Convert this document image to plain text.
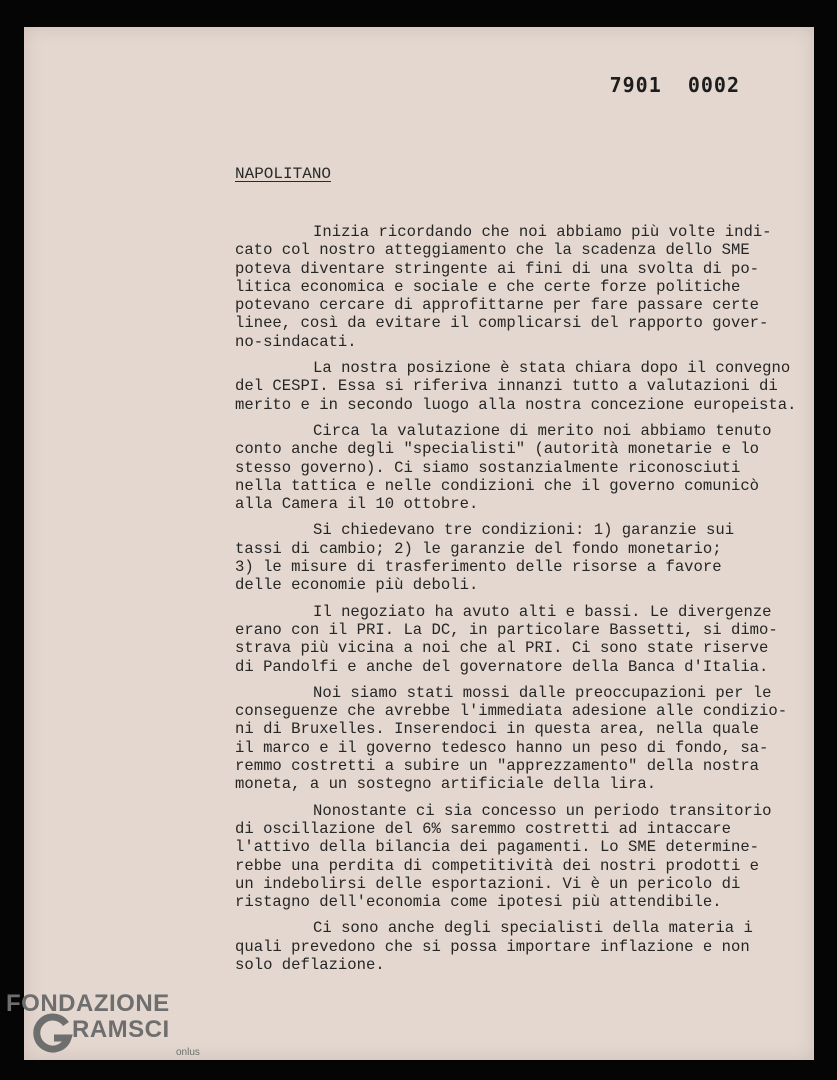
7901  0002
NAPOLITANO

Inizia ricordando che noi abbiamo più volte indi-
cato col nostro atteggiamento che la scadenza dello SME
poteva diventare stringente ai fini di una svolta di po-
litica economica e sociale e che certe forze politiche
potevano cercare di approfittarne per fare passare certe
linee, così da evitare il complicarsi del rapporto gover-
no-sindacati.

La nostra posizione è stata chiara dopo il convegno
del CESPI. Essa si riferiva innanzi tutto a valutazioni di
merito e in secondo luogo alla nostra concezione europeista.

Circa la valutazione di merito noi abbiamo tenuto
conto anche degli "specialisti" (autorità monetarie e lo
stesso governo). Ci siamo sostanzialmente riconosciuti
nella tattica e nelle condizioni che il governo comunicò
alla Camera il 10 ottobre.

Si chiedevano tre condizioni: 1) garanzie sui
tassi di cambio; 2) le garanzie del fondo monetario;
3) le misure di trasferimento delle risorse a favore
delle economie più deboli.

Il negoziato ha avuto alti e bassi. Le divergenze
erano con il PRI. La DC, in particolare Bassetti, si dimo-
strava più vicina a noi che al PRI. Ci sono state riserve
di Pandolfi e anche del governatore della Banca d'Italia.

Noi siamo stati mossi dalle preoccupazioni per le
conseguenze che avrebbe l'immediata adesione alle condizio-
ni di Bruxelles. Inserendoci in questa area, nella quale
il marco e il governo tedesco hanno un peso di fondo, sa-
remmo costretti a subire un "apprezzamento" della nostra
moneta, a un sostegno artificiale della lira.

Nonostante ci sia concesso un periodo transitorio
di oscillazione del 6% saremmo costretti ad intaccare
l'attivo della bilancia dei pagamenti. Lo SME determine-
rebbe una perdita di competitività dei nostri prodotti e
un indebolirsi delle esportazioni. Vi è un pericolo di
ristagno dell'economia come ipotesi più attendibile.

Ci sono anche degli specialisti della materia i
quali prevedono che si possa importare inflazione e non
solo deflazione.

FONDAZIONE
RAMSCI
onlus
